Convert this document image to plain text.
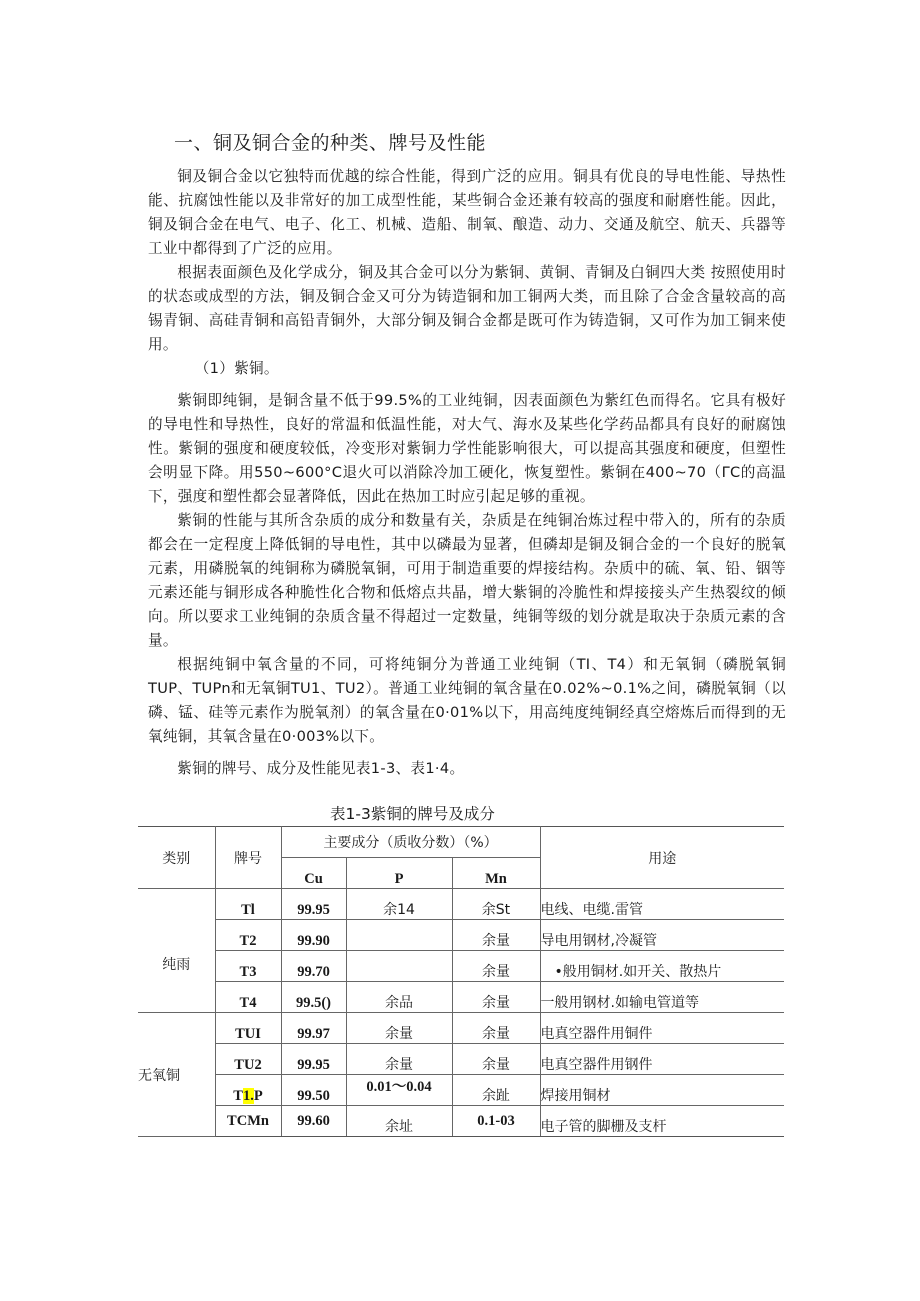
一、铜及铜合金的种类、牌号及性能

铜及铜合金以它独特而优越的综合性能，得到广泛的应用。铜具有优良的导电性能、导热性能、抗腐蚀性能以及非常好的加工成型性能，某些铜合金还兼有较高的强度和耐磨性能。因此，铜及铜合金在电气、电子、化工、机械、造船、制氧、酿造、动力、交通及航空、航天、兵器等工业中都得到了广泛的应用。

根据表面颜色及化学成分，铜及其合金可以分为紫铜、黄铜、青铜及白铜四大类 按照使用时的状态或成型的方法，铜及铜合金又可分为铸造铜和加工铜两大类，而且除了合金含量较高的高锡青铜、高硅青铜和高铅青铜外，大部分铜及铜合金都是既可作为铸造铜，又可作为加工铜来使用。

（1）紫铜。

紫铜即纯铜，是铜含量不低于99.5%的工业纯铜，因表面颜色为紫红色而得名。它具有极好的导电性和导热性，良好的常温和低温性能，对大气、海水及某些化学药品都具有良好的耐腐蚀性。紫铜的强度和硬度较低，冷变形对紫铜力学性能影响很大，可以提高其强度和硬度，但塑性会明显下降。用550~600°C退火可以消除冷加工硬化，恢复塑性。紫铜在400~70（ΓC的高温下，强度和塑性都会显著降低，因此在热加工时应引起足够的重视。

紫铜的性能与其所含杂质的成分和数量有关，杂质是在纯铜冶炼过程中带入的，所有的杂质都会在一定程度上降低铜的导电性，其中以磷最为显著，但磷却是铜及铜合金的一个良好的脱氧元素，用磷脱氧的纯铜称为磷脱氧铜，可用于制造重要的焊接结构。杂质中的硫、氧、铅、铟等元素还能与铜形成各种脆性化合物和低熔点共晶，增大紫铜的冷脆性和焊接接头产生热裂纹的倾向。所以要求工业纯铜的杂质含量不得超过一定数量，纯铜等级的划分就是取决于杂质元素的含量。

根据纯铜中氧含量的不同，可将纯铜分为普通工业纯铜（TI、T4）和无氧铜（磷脱氧铜TUP、TUPn和无氧铜TU1、TU2）。普通工业纯铜的氧含量在0.02%~0.1%之间，磷脱氧铜（以磷、锰、硅等元素作为脱氧剂）的氧含量在0·01%以下，用高纯度纯铜经真空熔炼后而得到的无氧纯铜，其氧含量在0·003%以下。

紫铜的牌号、成分及性能见表1-3、表1·4。

表1-3紫铜的牌号及成分
类别	牌号	主要成分（质收分数）（%）			用途
		Cu	P	Mn	
纯雨	Tl	99.95	余14	余St	电线、电缆.雷管
	T2	99.90		余量	导电用钢材,冷凝管
	T3	99.70		余量	•般用铜材.如开关、散热片
	T4	99.5()	余品	余量	一般用钢材.如输电管道等
无氧铜	TUI	99.97	余量	余量	电真空器件用铜件
	TU2	99.95	余量	余量	电真空器件用钢件
	T1.P	99.50	0.01～0.04	余趾	焊接用铜材
	TCMn	99.60	余址	0.1-03	电子管的脚栅及支杆
